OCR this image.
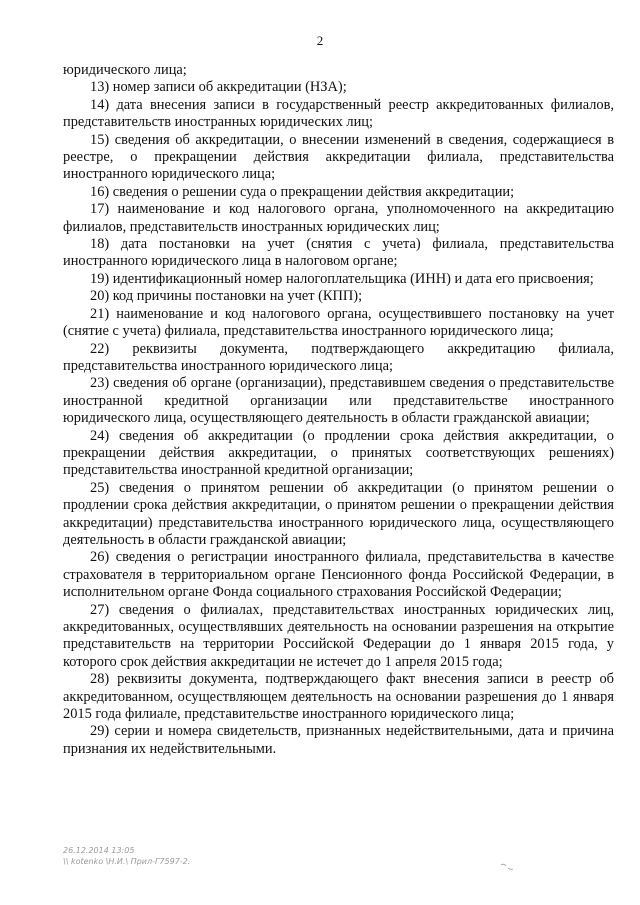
2

юридического лица;

13) номер записи об аккредитации (НЗА);

14) дата внесения записи в государственный реестр аккредитованных филиалов, представительств иностранных юридических лиц;

15) сведения об аккредитации, о внесении изменений в сведения, содержащиеся в реестре, о прекращении действия аккредитации филиала, представительства иностранного юридического лица;

16) сведения о решении суда о прекращении действия аккредитации;

17) наименование и код налогового органа, уполномоченного на аккредитацию филиалов, представительств иностранных юридических лиц;

18) дата постановки на учет (снятия с учета) филиала, представительства иностранного юридического лица в налоговом органе;

19) идентификационный номер налогоплательщика (ИНН) и дата его присвоения;

20) код причины постановки на учет (КПП);

21) наименование и код налогового органа, осуществившего постановку на учет (снятие с учета) филиала, представительства иностранного юридического лица;

22) реквизиты документа, подтверждающего аккредитацию филиала, представительства иностранного юридического лица;

23) сведения об органе (организации), представившем сведения о представительстве иностранной кредитной организации или представительстве иностранного юридического лица, осуществляющего деятельность в области гражданской авиации;

24) сведения об аккредитации (о продлении срока действия аккредитации, о прекращении действия аккредитации, о принятых соответствующих решениях) представительства иностранной кредитной организации;

25) сведения о принятом решении об аккредитации (о принятом решении о продлении срока действия аккредитации, о принятом решении о прекращении действия аккредитации) представительства иностранного юридического лица, осуществляющего деятельность в области гражданской авиации;

26) сведения о регистрации иностранного филиала, представительства в качестве страхователя в территориальном органе Пенсионного фонда Российской Федерации, в исполнительном органе Фонда социального страхования Российской Федерации;

27) сведения о филиалах, представительствах иностранных юридических лиц, аккредитованных, осуществлявших деятельность на основании разрешения на открытие представительств на территории Российской Федерации до 1 января 2015 года, у которого срок действия аккредитации не истечет до 1 апреля 2015 года;

28) реквизиты документа, подтверждающего факт внесения записи в реестр об аккредитованном, осуществляющем деятельность на основании разрешения до 1 января 2015 года филиале, представительстве иностранного юридического лица;

29) серии и номера свидетельств, признанных недействительными, дата и причина признания их недействительными.

26.12.2014 13:05
\\ kotenko \Н.И.\ Прил-Г7597-2.
